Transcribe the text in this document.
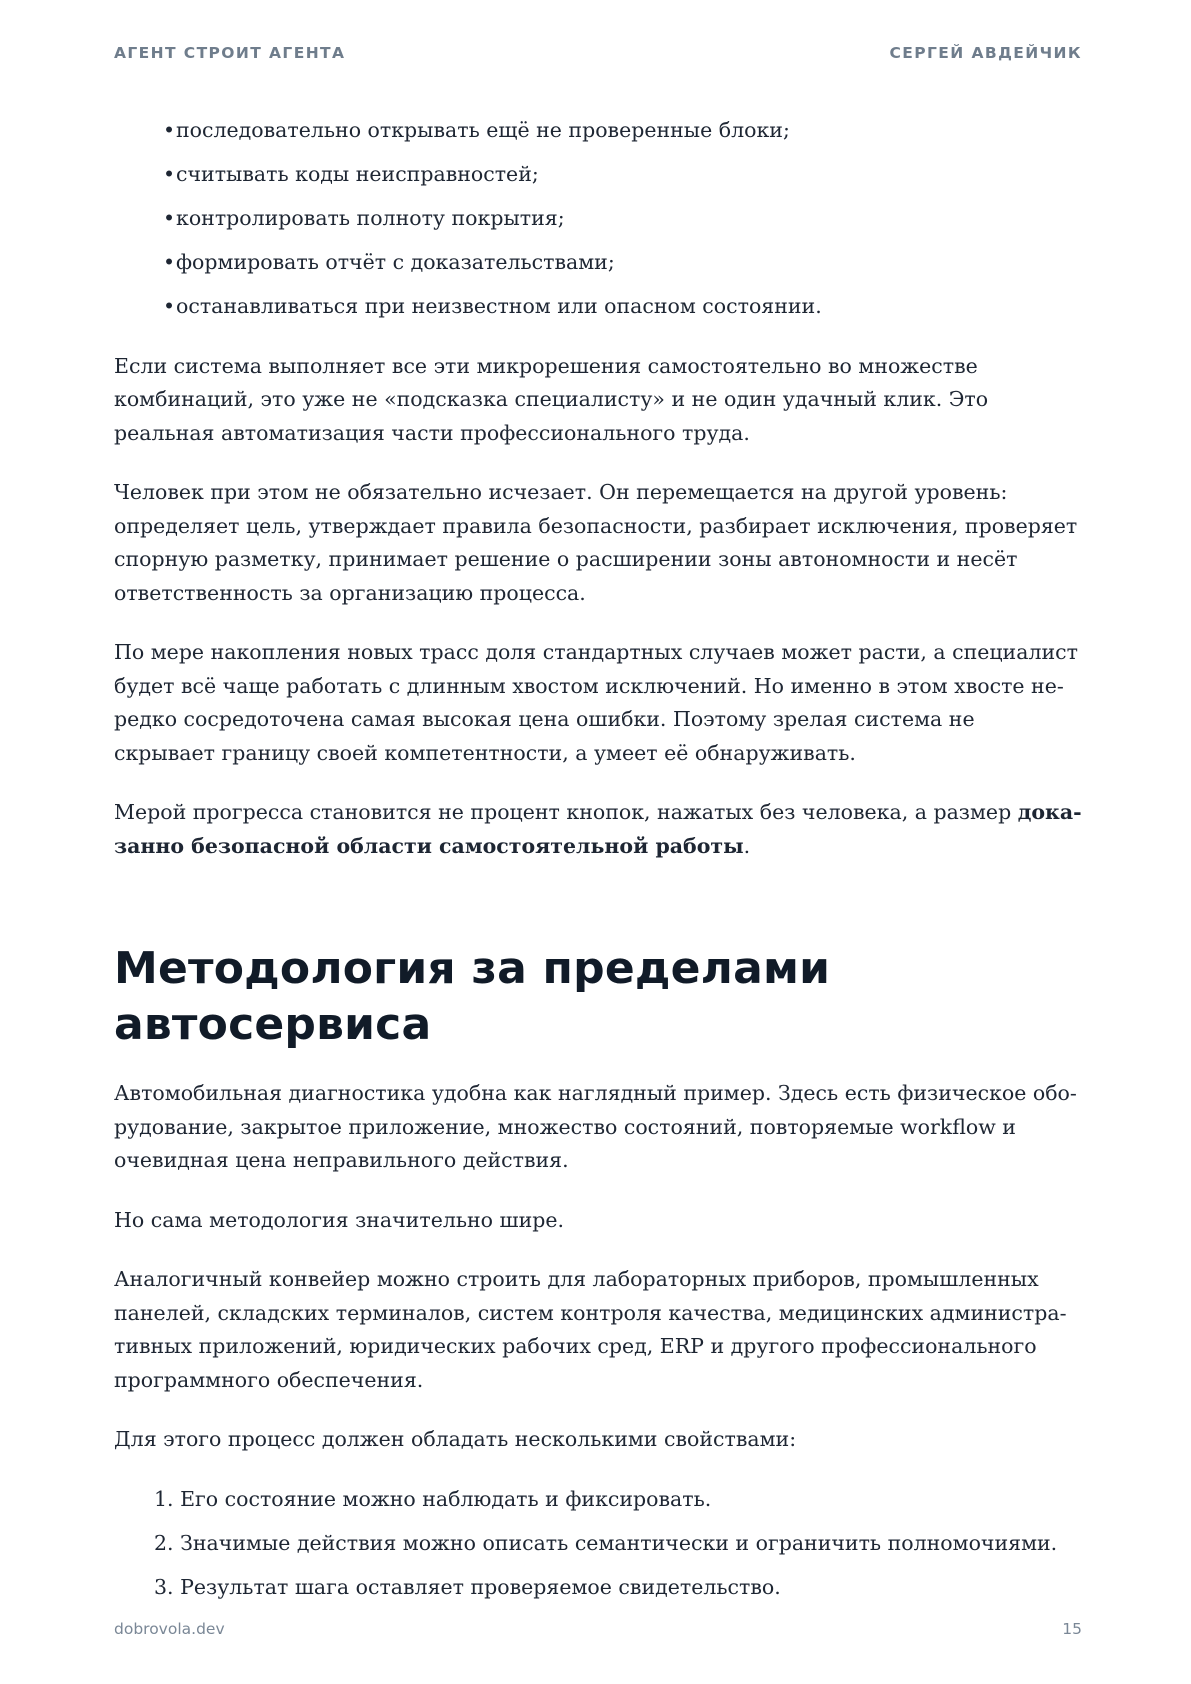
АГЕНТ СТРОИТ АГЕНТА	СЕРГЕЙ АВДЕЙЧИК
• последовательно открывать ещё не проверенные блоки;
• считывать коды неисправностей;
• контролировать полноту покрытия;
• формировать отчёт с доказательствами;
• останавливаться при неизвестном или опасном состоянии.

Если система выполняет все эти микрорешения самостоятельно во множестве комбинаций, это уже не «подсказка специалисту» и не один удачный клик. Это реальная автоматизация части профессионального труда.

Человек при этом не обязательно исчезает. Он перемещается на другой уровень: определяет цель, утверждает правила безопасности, разбирает исключения, проверяет спорную разметку, принимает решение о расширении зоны автономности и несёт ответственность за организацию процесса.

По мере накопления новых трасс доля стандартных случаев может расти, а специалист будет всё чаще работать с длинным хвостом исключений. Но именно в этом хвосте нередко сосредоточена самая высокая цена ошибки. Поэтому зрелая система не скрывает границу своей компетентности, а умеет её обнаруживать.

Мерой прогресса становится не процент кнопок, нажатых без человека, а размер доказанно безопасной области самостоятельной работы.

Методология за пределами автосервиса

Автомобильная диагностика удобна как наглядный пример. Здесь есть физическое оборудование, закрытое приложение, множество состояний, повторяемые workflow и очевидная цена неправильного действия.

Но сама методология значительно шире.

Аналогичный конвейер можно строить для лабораторных приборов, промышленных панелей, складских терминалов, систем контроля качества, медицинских административных приложений, юридических рабочих сред, ERP и другого профессионального программного обеспечения.

Для этого процесс должен обладать несколькими свойствами:

Его состояние можно наблюдать и фиксировать.
Значимые действия можно описать семантически и ограничить полномочиями.
Результат шага оставляет проверяемое свидетельство.
dobrovola.dev	15
